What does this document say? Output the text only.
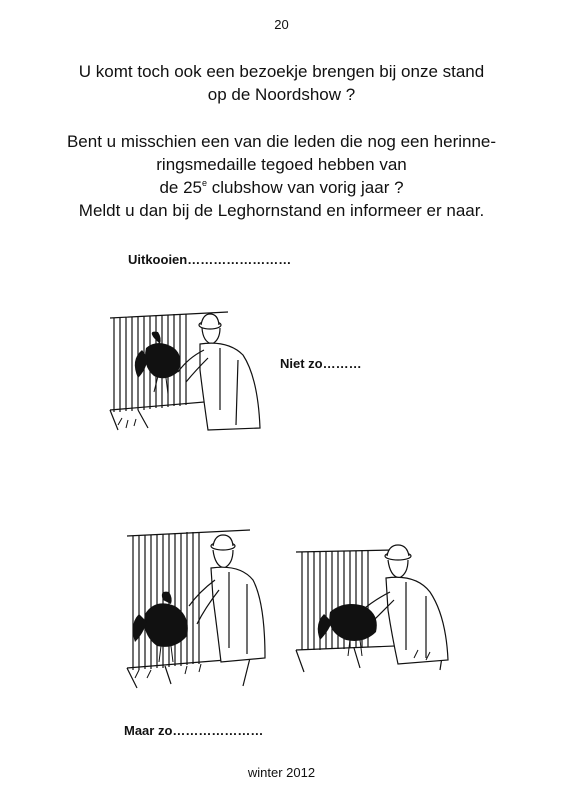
20
U komt toch ook een bezoekje brengen bij onze stand
op de Noordshow ?
Bent u misschien een van die leden die nog een herinne-
ringsmedaille tegoed hebben van
de 25e clubshow van vorig jaar ?
Meldt u dan bij de Leghornstand en informeer er naar.
Uitkooien……………………
Niet zo………
Maar zo…………………
winter 2012
